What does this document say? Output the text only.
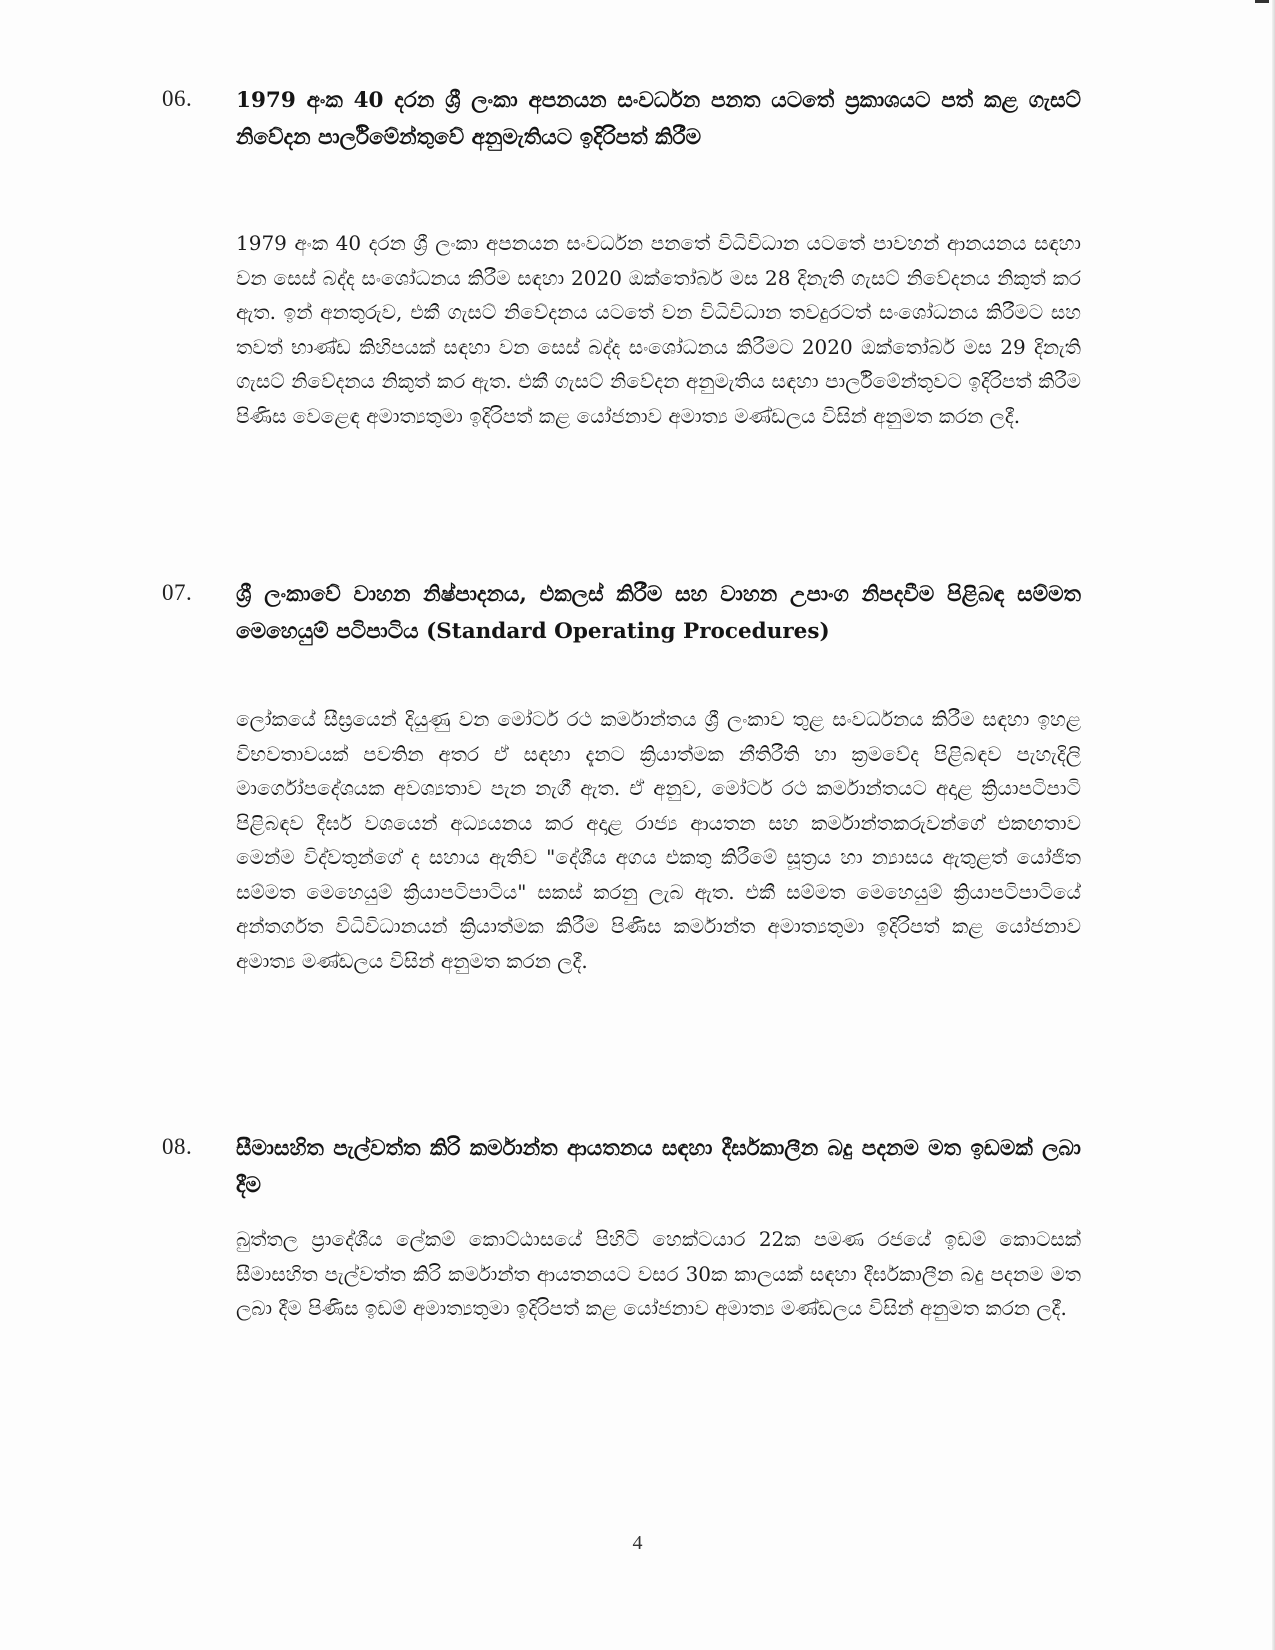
06.	1979 අංක 40 දරන ශ්‍රී ලංකා අපනයන සංවර්ධන පනත යටතේ ප්‍රකාශයට පත් කළ ගැසට් නිවේදන පාර්ලිමේන්තුවේ අනුමැතියට ඉදිරිපත් කිරීම
1979 අංක 40 දරන ශ්‍රී ලංකා අපනයන සංවර්ධන පනතේ විධිවිධාන යටතේ පාවහන් ආනයනය සඳහා වන සෙස් බද්ද සංශෝධනය කිරීම සඳහා 2020 ඔක්තෝබර් මස 28 දිනැති ගැසට් නිවේදනය නිකුත් කර ඇත. ඉන් අනතුරුව, එකී ගැසට් නිවේදනය යටතේ වන විධිවිධාන තවදුරටත් සංශෝධනය කිරීමට සහ තවත් භාණ්ඩ කිහිපයක් සඳහා වන සෙස් බද්ද සංශෝධනය කිරීමට 2020 ඔක්තෝබර් මස 29 දිනැති ගැසට් නිවේදනය නිකුත් කර ඇත. එකී ගැසට් නිවේදන අනුමැතිය සඳහා පාර්ලිමේන්තුවට ඉදිරිපත් කිරීම පිණිස වෙළෙඳ අමාත්‍යතුමා ඉදිරිපත් කළ යෝජනාව අමාත්‍ය මණ්ඩලය විසින් අනුමත කරන ලදී.
07.	ශ්‍රී ලංකාවේ වාහන නිෂ්පාදනය, එකලස් කිරීම සහ වාහන උපාංග නිපදවීම පිළිබඳ සම්මත මෙහෙයුම් පටිපාටිය (Standard Operating Procedures)
ලෝකයේ සීඝ්‍රයෙන් දියුණු වන මෝටර් රථ කර්මාන්තය ශ්‍රී ලංකාව තුළ සංවර්ධනය කිරීම සඳහා ඉහළ විභවතාවයක් පවතින අතර ඒ සඳහා දැනට ක්‍රියාත්මක නීතිරීති හා ක්‍රමවේද පිළිබඳව පැහැදිලි මාර්ගෝපදේශයක අවශ්‍යතාව පැන නැගී ඇත. ඒ අනුව, මෝටර් රථ කර්මාන්තයට අදාළ ක්‍රියාපටිපාටි පිළිබඳව දීර්ඝ වශයෙන් අධ්‍යයනය කර අදාළ රාජ්‍ය ආයතන සහ කර්මාන්තකරුවන්ගේ එකඟතාව මෙන්ම විද්වතුන්ගේ ද සහාය ඇතිව "දේශීය අගය එකතු කිරීමේ සූත්‍රය හා න්‍යාසය ඇතුළත් යෝජිත සම්මත මෙහෙයුම් ක්‍රියාපටිපාටිය" සකස් කරනු ලැබ ඇත. එකී සම්මත මෙහෙයුම් ක්‍රියාපටිපාටියේ අන්තර්ගත විධිවිධානයන් ක්‍රියාත්මක කිරීම පිණිස කර්මාන්ත අමාත්‍යතුමා ඉදිරිපත් කළ යෝජනාව අමාත්‍ය මණ්ඩලය විසින් අනුමත කරන ලදී.
08.	සීමාසහිත පැල්වත්ත කිරි කර්මාන්ත ආයතනය සඳහා දීර්ඝකාලීන බදු පදනම මත ඉඩමක් ලබා දීම
බුත්තල ප්‍රාදේශීය ලේකම් කොට්ඨාසයේ පිහිටි හෙක්ටයාර 22ක පමණ රජයේ ඉඩම් කොටසක් සීමාසහිත පැල්වත්ත කිරි කර්මාන්ත ආයතනයට වසර 30ක කාලයක් සඳහා දීර්ඝකාලීන බදු පදනම මත ලබා දීම පිණිස ඉඩම් අමාත්‍යතුමා ඉදිරිපත් කළ යෝජනාව අමාත්‍ය මණ්ඩලය විසින් අනුමත කරන ලදී.
4
